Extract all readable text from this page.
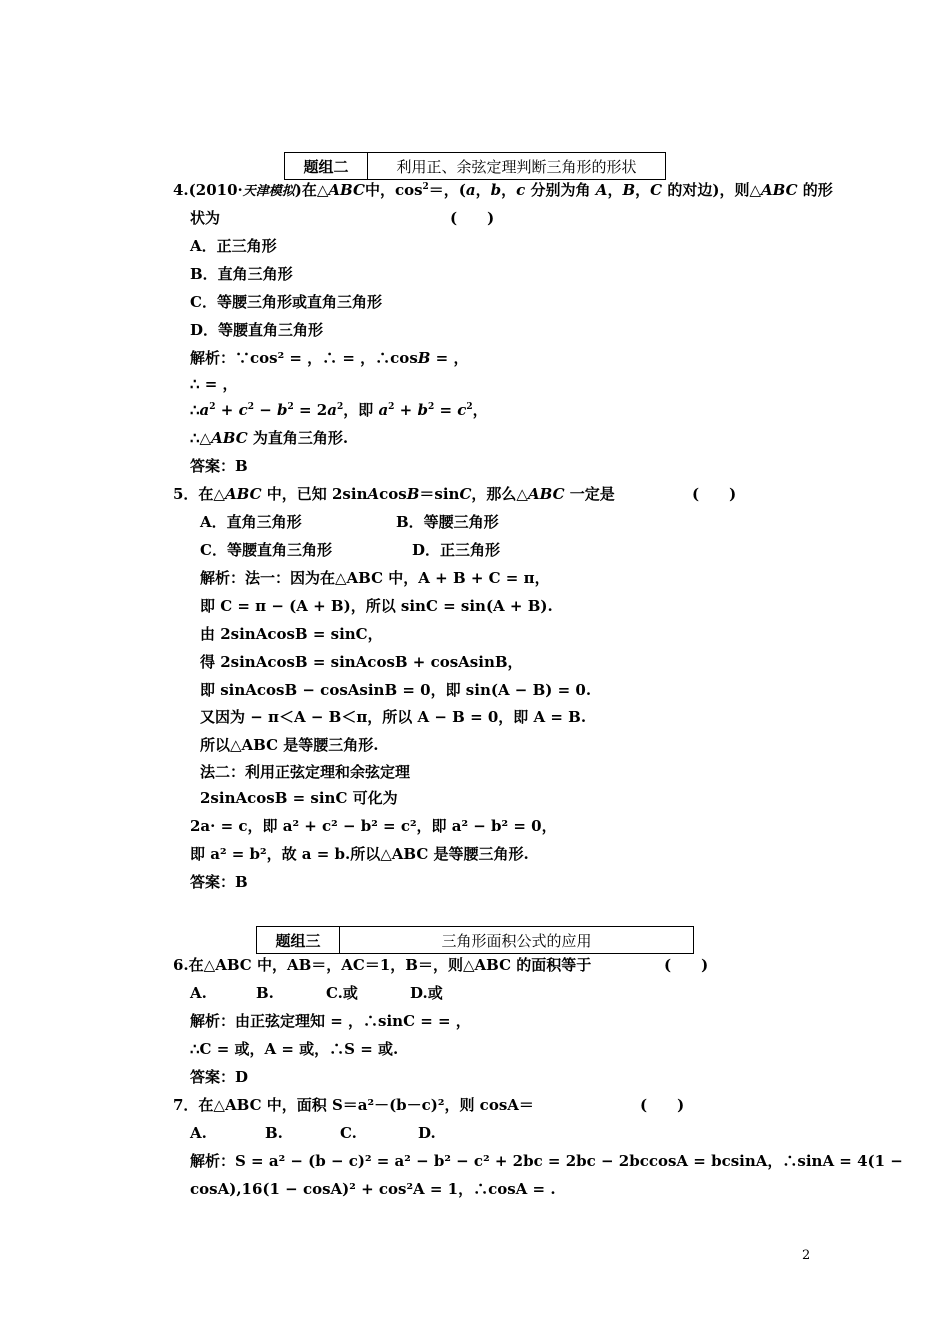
题组二	利用正、余弦定理判断三角形的形状
4.(2010·天津模拟)在△ABC中，$\cos^2=$，(a，b，c 分别为角 A，B，C 的对边)，则△ABC 的形
状为	(　　)
A．正三角形
B．直角三角形
C．等腰三角形或直角三角形
D．等腰直角三角形
解析：∵cos² = ，∴ = ，∴cosB = ，
∴ = ，
$\therefore a^2 + c^2 - b^2 = 2a^2$，即 $a^2 + b^2 = c^2$，
∴△ABC 为直角三角形.
答案：B
5．在△ABC 中，已知 2sinAcosB＝sinC，那么△ABC 一定是	(　　)
A．直角三角形	B．等腰三角形
C．等腰直角三角形	D．正三角形
解析：法一：因为在△ABC 中，A + B + C = π，
即 C = π − (A + B)，所以 sinC = sin(A + B).
由 2sinAcosB = sinC，
得 2sinAcosB = sinAcosB + cosAsinB，
即 sinAcosB − cosAsinB = 0，即 sin(A − B) = 0.
又因为 − π＜A − B＜π，所以 A − B = 0，即 A = B.
所以△ABC 是等腰三角形.
法二：利用正弦定理和余弦定理
2sinAcosB = sinC 可化为
2a· = c，即 a² + c² − b² = c²，即 a² − b² = 0，
即 a² = b²，故 a = b.所以△ABC 是等腰三角形.
答案：B
题组三	三角形面积公式的应用
6.在△ABC 中，AB＝，AC＝1，B＝，则△ABC 的面积等于	(　　)
A.	B.	C.或	D.或
解析：由正弦定理知 = ，∴sinC = = ，
∴C = 或，A = 或，∴S = 或.
答案：D
7．在△ABC 中，面积 S＝a²－(b－c)²，则 cosA＝	(　　)
A.	B.	C.	D.
解析：S = a² − (b − c)² = a² − b² − c² + 2bc = 2bc − 2bccosA = bcsinA，∴sinA = 4(1 −
cosA),16(1 − cosA)² + cos²A = 1，∴cosA = .
2
